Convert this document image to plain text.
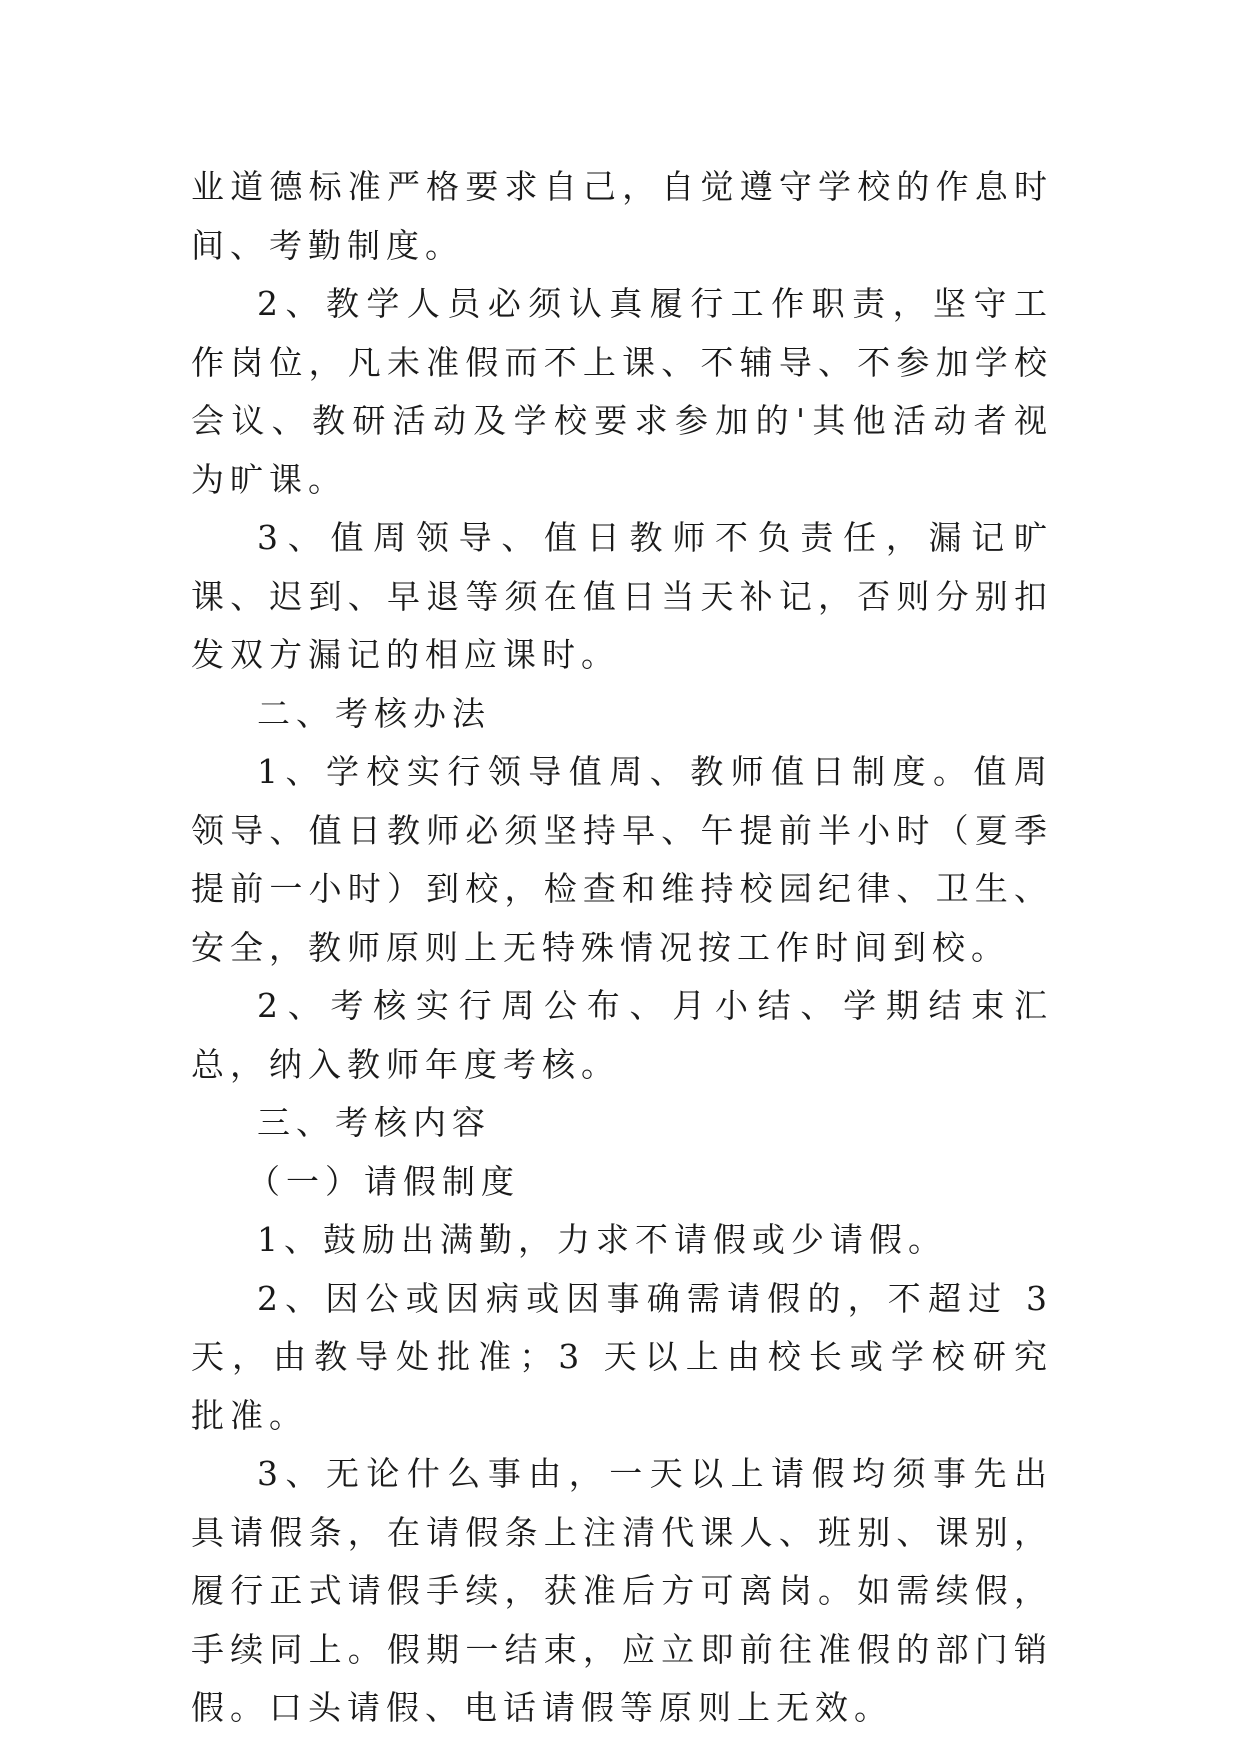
业道德标准严格要求自己，自觉遵守学校的作息时间、考勤制度。

2、教学人员必须认真履行工作职责，坚守工作岗位，凡未准假而不上课、不辅导、不参加学校会议、教研活动及学校要求参加的'其他活动者视为旷课。

3、值周领导、值日教师不负责任，漏记旷课、迟到、早退等须在值日当天补记，否则分别扣发双方漏记的相应课时。

二、考核办法

1、学校实行领导值周、教师值日制度。值周领导、值日教师必须坚持早、午提前半小时（夏季提前一小时）到校，检查和维持校园纪律、卫生、安全，教师原则上无特殊情况按工作时间到校。

2、考核实行周公布、月小结、学期结束汇总，纳入教师年度考核。

三、考核内容

（一）请假制度

1、鼓励出满勤，力求不请假或少请假。

2、因公或因病或因事确需请假的，不超过 3 天，由教导处批准；3 天以上由校长或学校研究批准。

3、无论什么事由，一天以上请假均须事先出具请假条，在请假条上注清代课人、班别、课别，履行正式请假手续，获准后方可离岗。如需续假，手续同上。假期一结束，应立即前往准假的部门销假。口头请假、电话请假等原则上无效。
